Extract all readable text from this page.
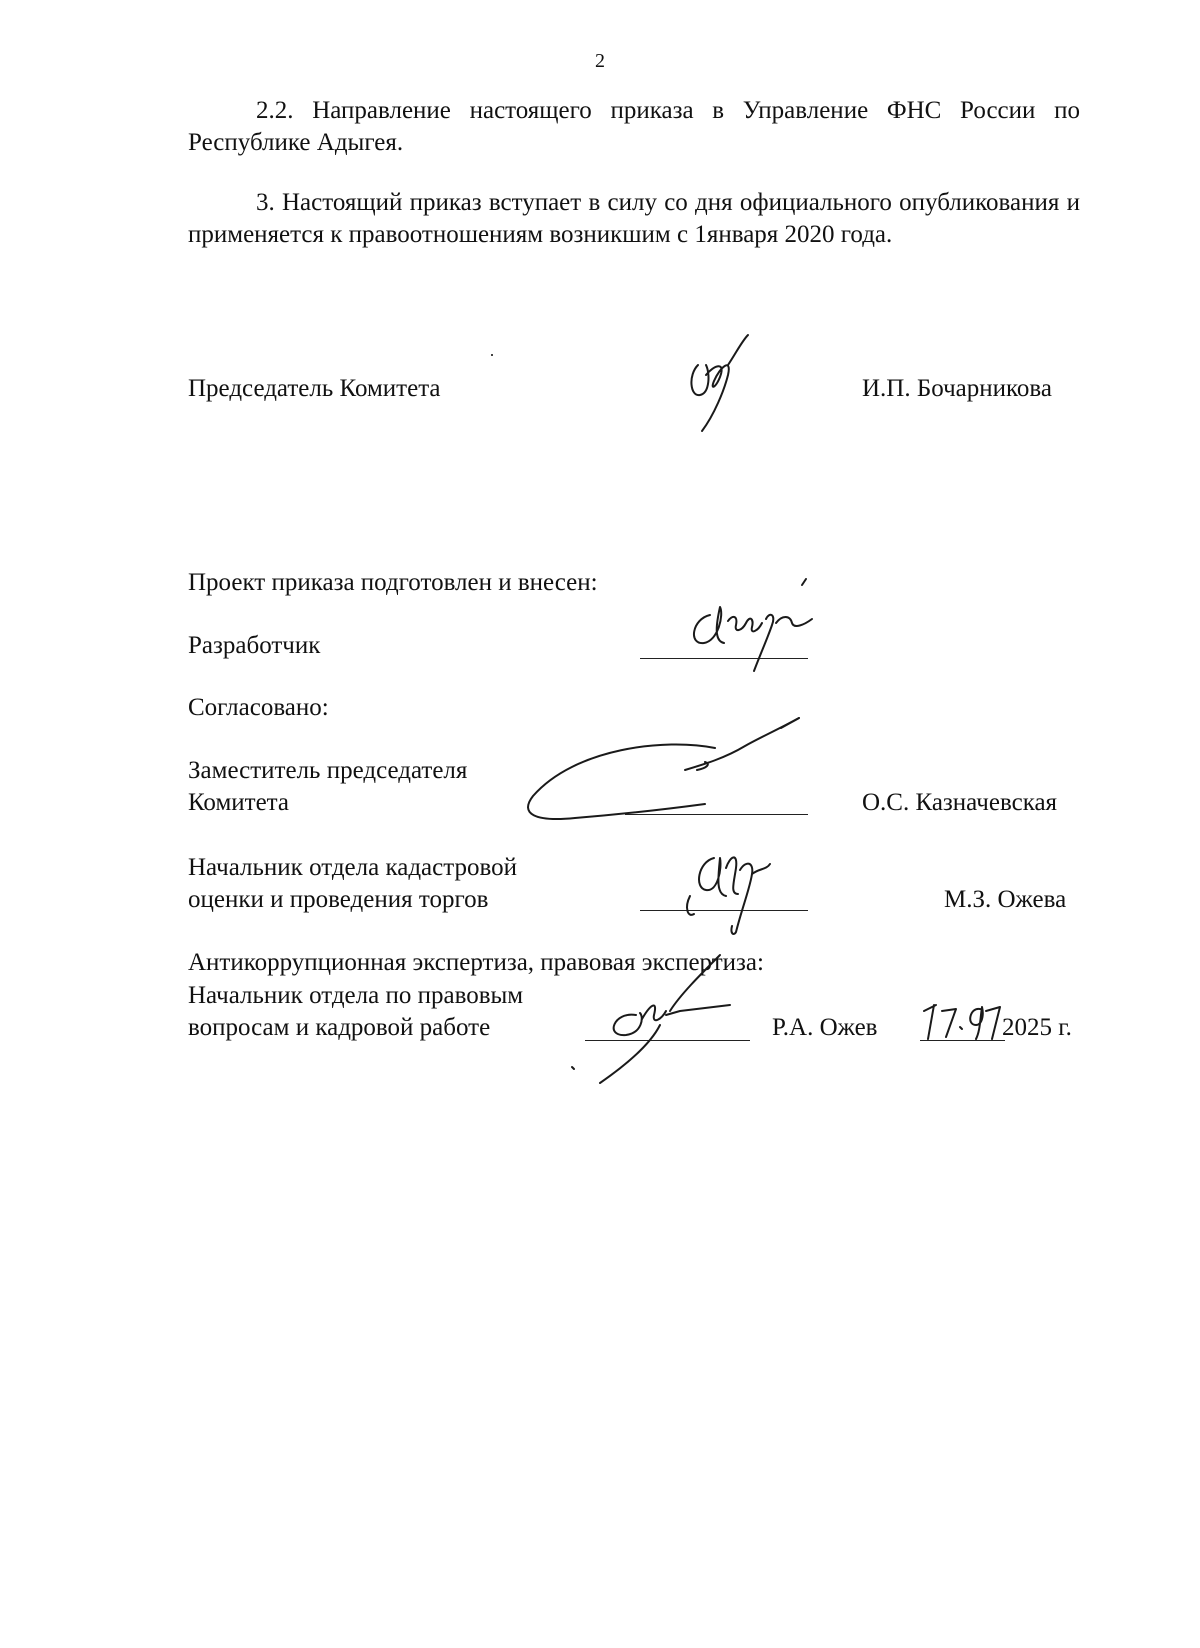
2
2.2. Направление настоящего приказа в Управление ФНС России по Республике Адыгея.
3. Настоящий приказ вступает в силу со дня официального опубликования и применяется к правоотношениям возникшим с 1января 2020 года.
Председатель Комитета	И.П. Бочарникова
Проект приказа подготовлен и внесен:
Разработчик
Согласовано:
Заместитель председателя
Комитета	О.С. Казначевская
Начальник отдела кадастровой
оценки и проведения торгов	М.З. Ожева
Антикоррупционная экспертиза, правовая экспертиза:
Начальник отдела по правовым
вопросам и кадровой работе	Р.А. Ожев	2025 г.
